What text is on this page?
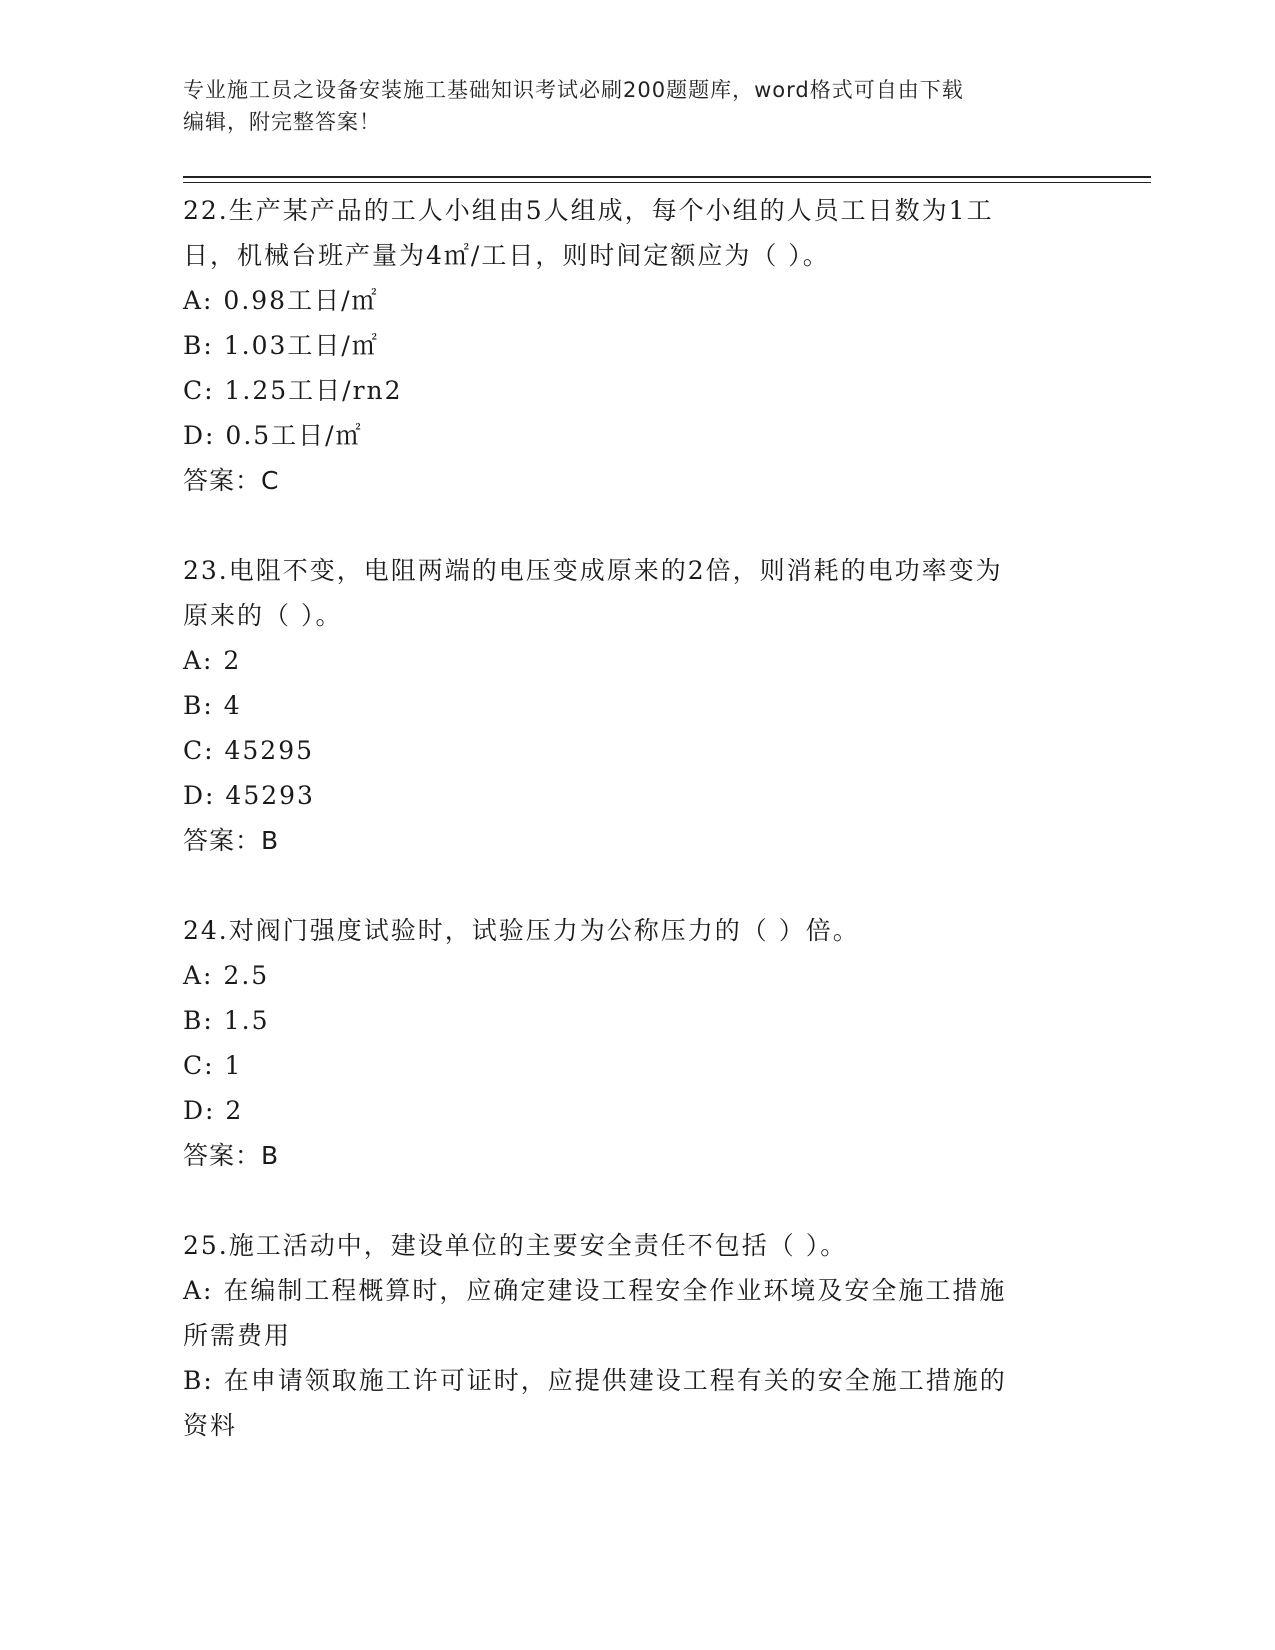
专业施工员之设备安装施工基础知识考试必刷200题题库，word格式可自由下载
编辑，附完整答案！
22.生产某产品的工人小组由5人组成，每个小组的人员工日数为1工
日，机械台班产量为4㎡/工日，则时间定额应为（ ）。
A: 0.98工日/㎡
B: 1.03工日/㎡
C: 1.25工日/rn2
D: 0.5工日/㎡
答案：C
23.电阻不变，电阻两端的电压变成原来的2倍，则消耗的电功率变为
原来的（ ）。
A: 2
B: 4
C: 45295
D: 45293
答案：B
24.对阀门强度试验时，试验压力为公称压力的（ ）倍。
A: 2.5
B: 1.5
C: 1
D: 2
答案：B
25.施工活动中，建设单位的主要安全责任不包括（ ）。
A: 在编制工程概算时，应确定建设工程安全作业环境及安全施工措施
所需费用
B: 在申请领取施工许可证时，应提供建设工程有关的安全施工措施的
资料
